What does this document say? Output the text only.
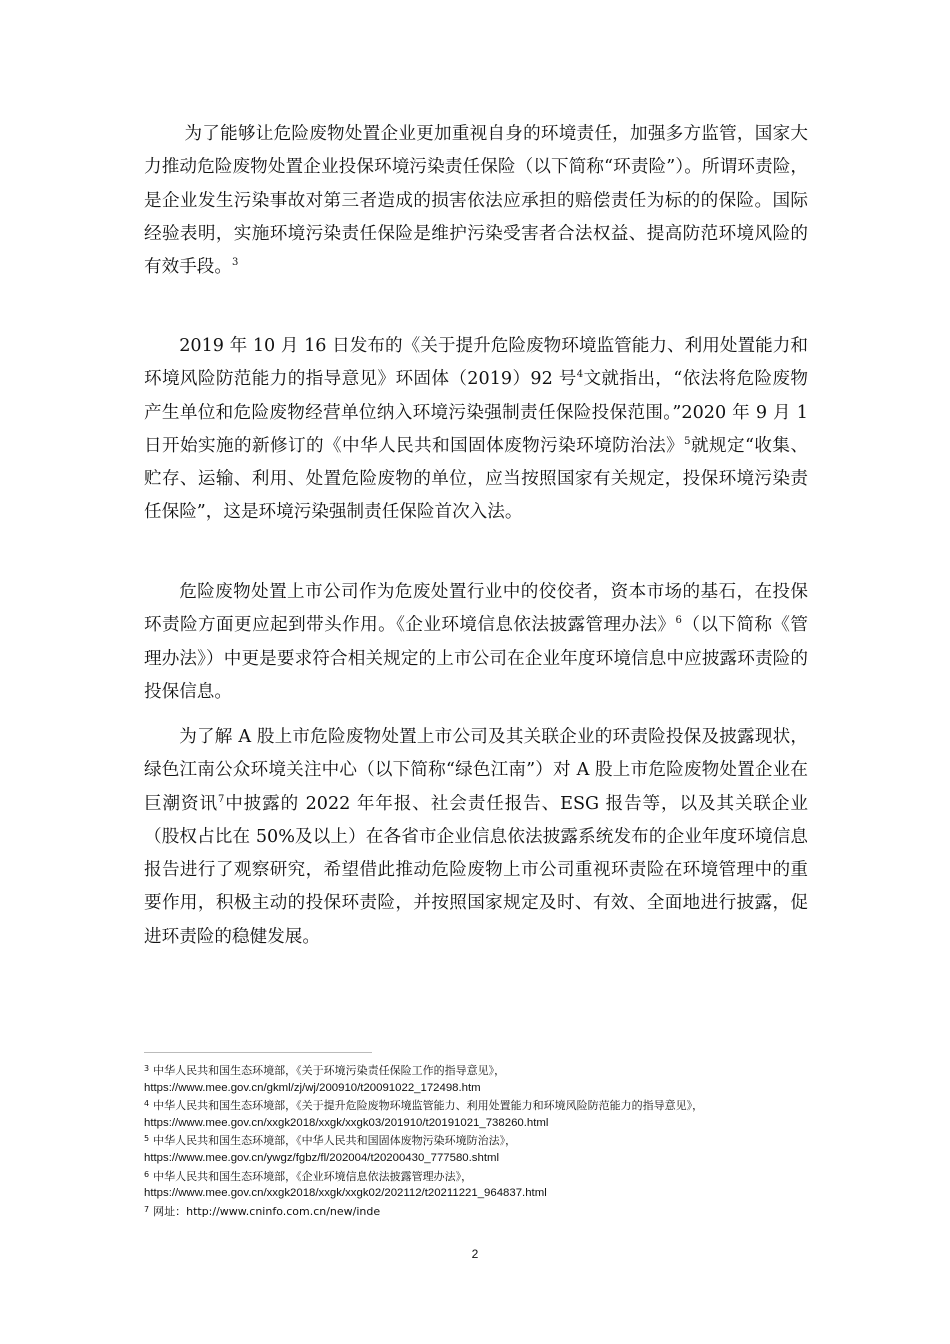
为了能够让危险废物处置企业更加重视自身的环境责任，加强多方监管，国家大力推动危险废物处置企业投保环境污染责任保险（以下简称“环责险”）。所谓环责险，是企业发生污染事故对第三者造成的损害依法应承担的赔偿责任为标的的保险。国际经验表明，实施环境污染责任保险是维护污染受害者合法权益、提高防范环境风险的有效手段。$^3$

2019 年 10 月 16 日发布的《关于提升危险废物环境监管能力、利用处置能力和环境风险防范能力的指导意见》环固体（2019）92 号$^4$文就指出，“依法将危险废物产生单位和危险废物经营单位纳入环境污染强制责任保险投保范围。”2020 年 9 月 1 日开始实施的新修订的《中华人民共和国固体废物污染环境防治法》$^5$就规定“收集、贮存、运输、利用、处置危险废物的单位，应当按照国家有关规定，投保环境污染责任保险”，这是环境污染强制责任保险首次入法。

危险废物处置上市公司作为危废处置行业中的佼佼者，资本市场的基石，在投保环责险方面更应起到带头作用。《企业环境信息依法披露管理办法》$^6$（以下简称《管理办法》）中更是要求符合相关规定的上市公司在企业年度环境信息中应披露环责险的投保信息。

为了解 A 股上市危险废物处置上市公司及其关联企业的环责险投保及披露现状，绿色江南公众环境关注中心（以下简称“绿色江南”）对 A 股上市危险废物处置企业在巨潮资讯$^7$中披露的 2022 年年报、社会责任报告、ESG 报告等，以及其关联企业（股权占比在 50%及以上）在各省市企业信息依法披露系统发布的企业年度环境信息报告进行了观察研究，希望借此推动危险废物上市公司重视环责险在环境管理中的重要作用，积极主动的投保环责险，并按照国家规定及时、有效、全面地进行披露，促进环责险的稳健发展。

$^3$ 中华人民共和国生态环境部，《关于环境污染责任保险工作的指导意见》，
https://www.mee.gov.cn/gkml/zj/wj/200910/t20091022_172498.htm

$^4$ 中华人民共和国生态环境部，《关于提升危险废物环境监管能力、利用处置能力和环境风险防范能力的指导意见》，https://www.mee.gov.cn/xxgk2018/xxgk/xxgk03/201910/t20191021_738260.html

$^5$ 中华人民共和国生态环境部，《中华人民共和国固体废物污染环境防治法》，
https://www.mee.gov.cn/ywgz/fgbz/fl/202004/t20200430_777580.shtml

$^6$ 中华人民共和国生态环境部，《企业环境信息依法披露管理办法》，
https://www.mee.gov.cn/xxgk2018/xxgk/xxgk02/202112/t20211221_964837.html

$^7$ 网址：http://www.cninfo.com.cn/new/inde

2
